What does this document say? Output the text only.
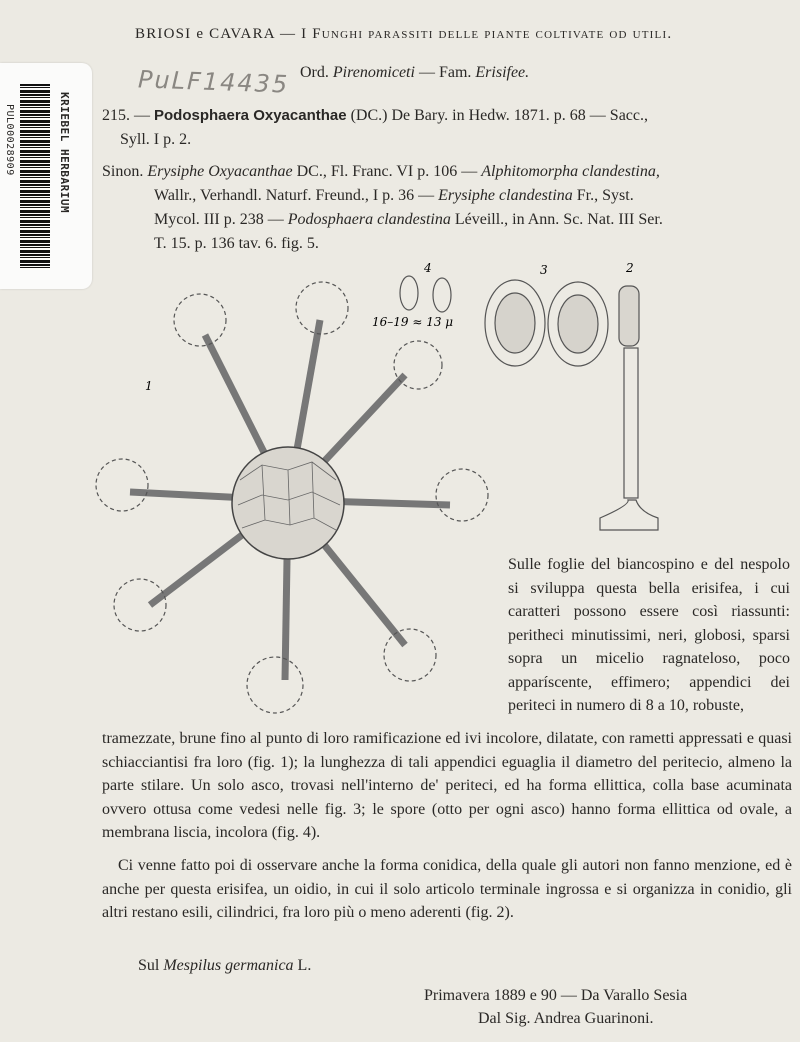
KRIEBEL HERBARIUM
PUL00028909
BRIOSI e CAVARA — I Funghi parassiti delle piante coltivate od utili.
PuLF14435 Ord. Pirenomiceti — Fam. Erisifee.
215. — Podosphaera Oxyacanthae (DC.) De Bary. in Hedw. 1871. p. 68 — Sacc.,
Syll. I p. 2.
Sinon. Erysiphe Oxyacanthae DC., Fl. Franc. VI p. 106 — Alphitomorpha clandestina,
Wallr., Verhandl. Naturf. Freund., I p. 36 — Erysiphe clandestina Fr., Syst.
Mycol. III p. 238 — Podosphaera clandestina Léveill., in Ann. Sc. Nat. III Ser.
T. 15. p. 136 tav. 6. fig. 5.
4	3	2
1
16–19 ≈ 13 μ
Sulle foglie del biancospino e del nespolo si sviluppa questa bella erisifea, i cui caratteri possono essere così riassunti: peritheci minutissimi, neri, globosi, sparsi sopra un micelio ragnateloso, poco apparíscente, effimero; appendici dei periteci in numero di 8 a 10, robuste,
tramezzate, brune fino al punto di loro ramificazione ed ivi incolore, dilatate, con rametti appressati e quasi schiacciantisi fra loro (fig. 1); la lunghezza di tali appendici eguaglia il diametro del peritecio, almeno la parte stilare. Un solo asco, trovasi nell'interno de' periteci, ed ha forma ellittica, colla base acuminata ovvero ottusa come vedesi nelle fig. 3; le spore (otto per ogni asco) hanno forma ellittica od ovale, a membrana liscia, incolora (fig. 4).
Ci venne fatto poi di osservare anche la forma conidica, della quale gli autori non fanno menzione, ed è anche per questa erisifea, un oidio, in cui il solo articolo terminale ingrossa e si organizza in conidio, gli altri restano esili, cilindrici, fra loro più o meno aderenti (fig. 2).
Sul Mespilus germanica L.
Primavera 1889 e 90 — Da Varallo Sesia
Dal Sig. Andrea Guarinoni.
